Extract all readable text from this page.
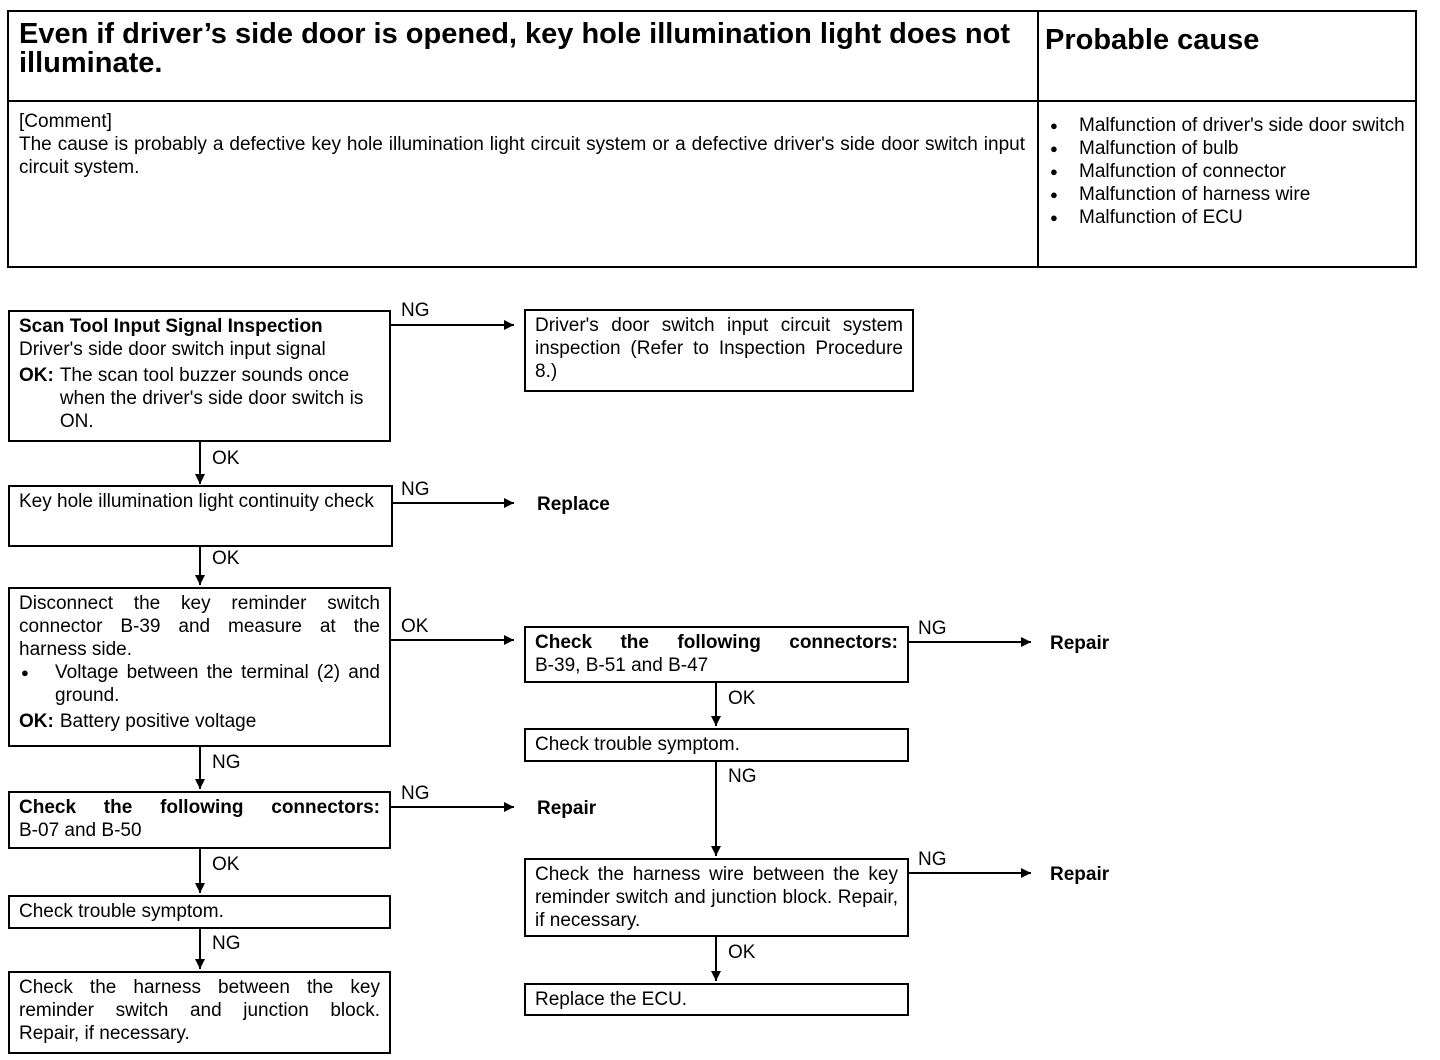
Even if driver’s side door is opened, key hole illumination light does not illuminate.
Probable cause
[Comment]
The cause is probably a defective key hole illumination light circuit system or a defective driver's side door switch input circuit system.
● Malfunction of driver's side door switch
● Malfunction of bulb
● Malfunction of connector
● Malfunction of harness wire
● Malfunction of ECU
NG
OK
NG
OK
OK
NG
NG
OK
NG
NG
OK
NG
NG
OK
Scan Tool Input Signal Inspection
Driver's side door switch input signal
OK: The scan tool buzzer sounds once when the driver's side door switch is ON.
Key hole illumination light continuity check
Disconnect the key reminder switch connector B-39 and measure at the harness side.
●	Voltage between the terminal (2) and ground.
OK: Battery positive voltage
Check the following connectors:
B-07 and B-50
Check trouble symptom.
Check the harness between the key reminder switch and junction block. Repair, if necessary.
Driver's door switch input circuit system inspection (Refer to Inspection Procedure 8.)
Check the following connectors:
B-39, B-51 and B-47
Check trouble symptom.
Check the harness wire between the key reminder switch and junction block. Repair, if necessary.
Replace the ECU.
Replace
Repair
Repair
Repair
